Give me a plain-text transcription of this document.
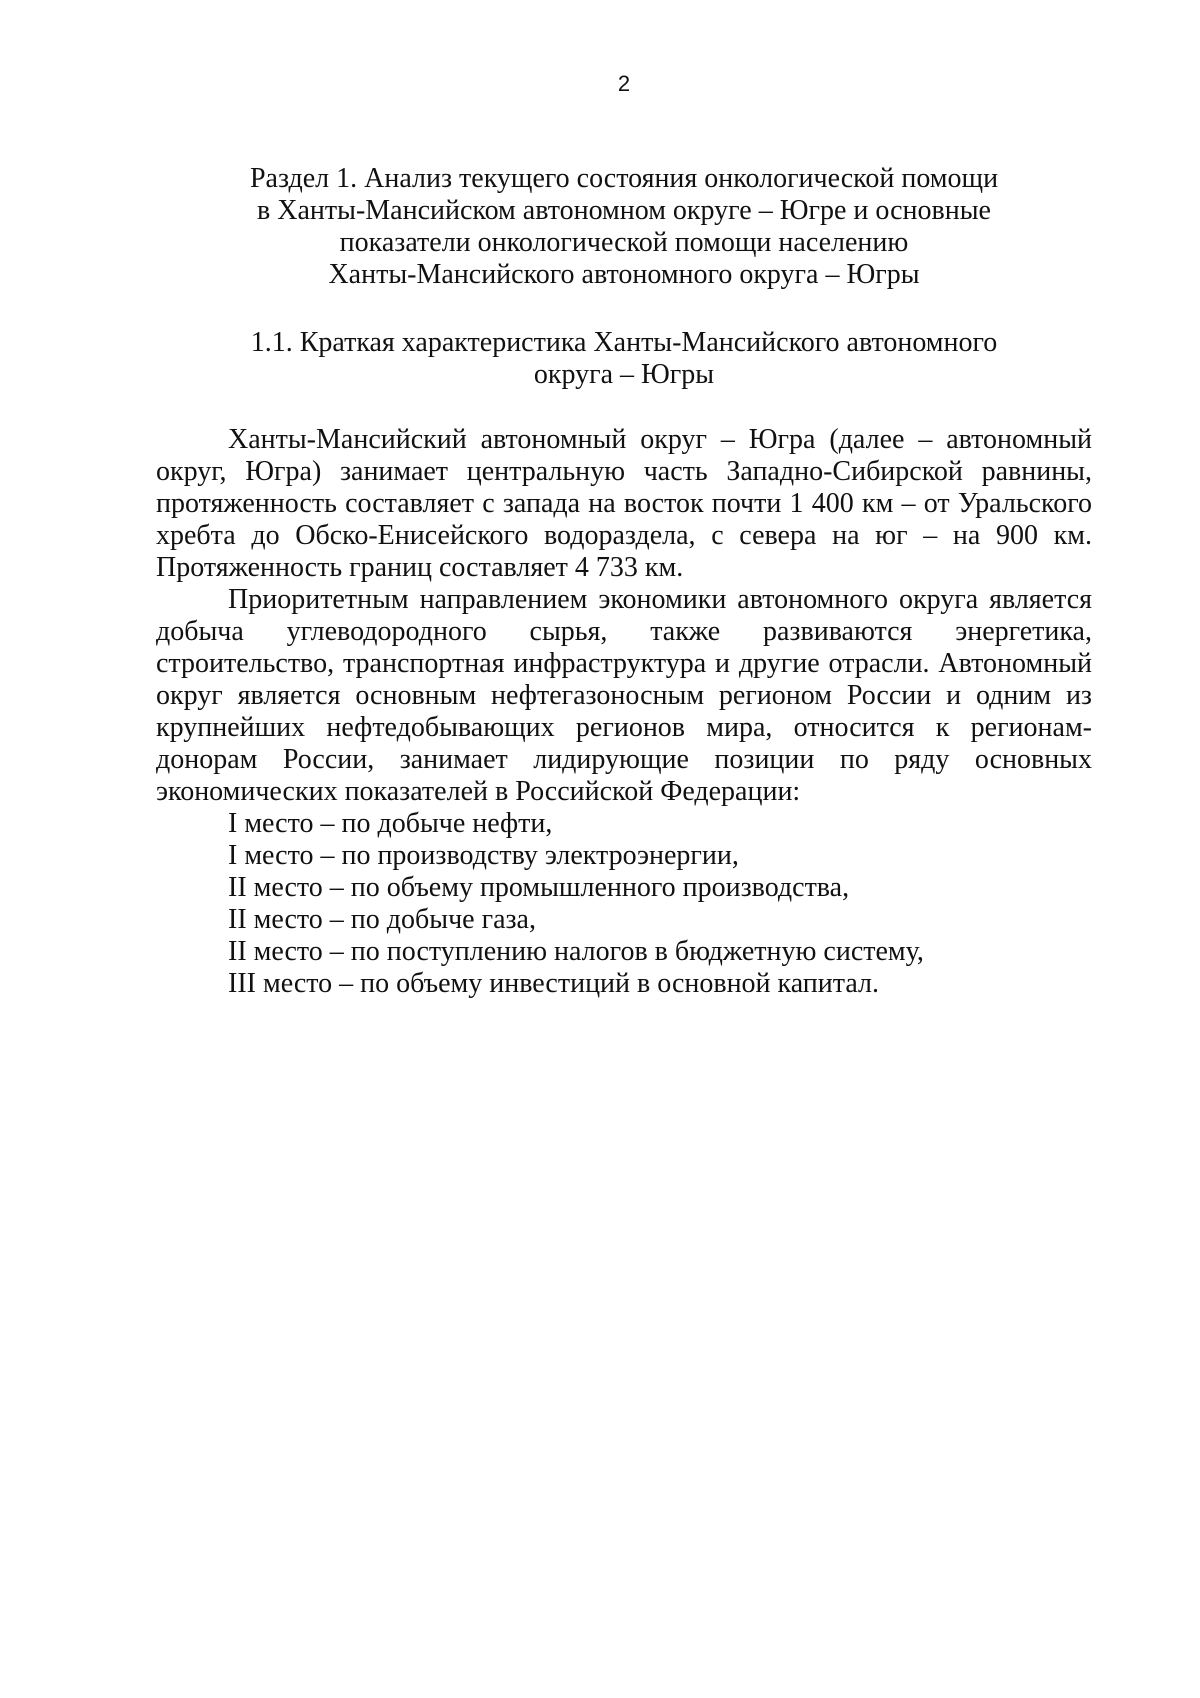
2
Раздел 1. Анализ текущего состояния онкологической помощи
в Ханты-Мансийском автономном округе – Югре и основные
показатели онкологической помощи населению
Ханты-Мансийского автономного округа – Югры
1.1. Краткая характеристика Ханты-Мансийского автономного
округа – Югры
Ханты-Мансийский автономный округ – Югра (далее – автономный
округ, Югра) занимает центральную часть Западно-Сибирской равнины,
протяженность составляет с запада на восток почти 1 400 км – от Уральского
хребта до Обско-Енисейского водораздела, с севера на юг – на 900 км.
Протяженность границ составляет 4 733 км.
Приоритетным направлением экономики автономного округа является
добыча углеводородного сырья, также развиваются энергетика,
строительство, транспортная инфраструктура и другие отрасли. Автономный
округ является основным нефтегазоносным регионом России и одним из
крупнейших нефтедобывающих регионов мира, относится к регионам-
донорам России, занимает лидирующие позиции по ряду основных
экономических показателей в Российской Федерации:
I место – по добыче нефти,
I место – по производству электроэнергии,
II место – по объему промышленного производства,
II место – по добыче газа,
II место – по поступлению налогов в бюджетную систему,
III место – по объему инвестиций в основной капитал.
